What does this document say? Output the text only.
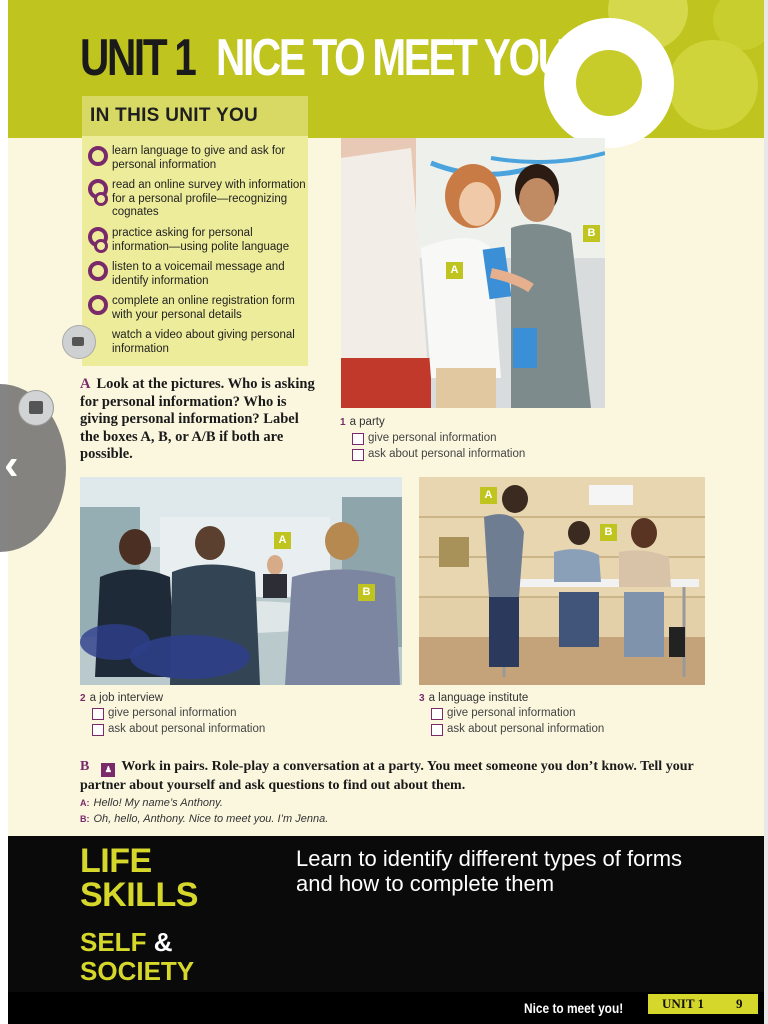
UNIT 1 NICE TO MEET YOU!
IN THIS UNIT YOU
learn language to give and ask for personal information
read an online survey with information for a personal profile—recognizing cognates
practice asking for personal information—using polite language
listen to a voicemail message and identify information
complete an online registration form with your personal details
watch a video about giving personal information
A
B
A Look at the pictures. Who is asking for personal information? Who is giving personal information? Label the boxes A, B, or A/B if both are possible.
1 a party
give personal information
ask about personal information
A
B
A
B
2 a job interview
give personal information
ask about personal information
3 a language institute
give personal information
ask about personal information
B ♟ Work in pairs. Role-play a conversation at a party. You meet someone you don’t know. Tell your partner about yourself and ask questions to find out about them.
A: Hello! My name’s Anthony.
B: Oh, hello, Anthony. Nice to meet you. I’m Jenna.
LIFE
SKILLS
SELF &
SOCIETY
Learn to identify different types of forms and how to complete them
Nice to meet you!	UNIT 1 9
‹
